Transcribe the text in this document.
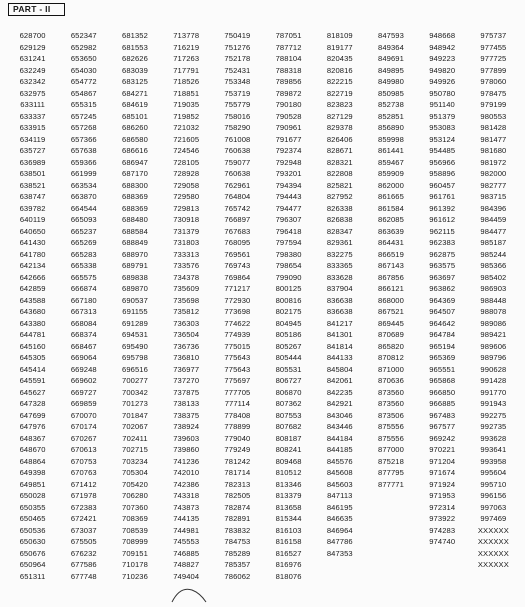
PART - II
628700
629129
631241
632249
632342
632975
633111
633337
633915
634119
635727
636989
638501
638521
638747
639782
640119
640650
641430
641780
642134
642666
642859
643588
643680
643380
644781
645160
645305
645414
645591
645627
647328
647699
647976
648367
648670
648864
649398
649851
650028
650355
650465
650536
650630
650676
650964
651311
652347
652982
653650
654030
654772
654867
655315
657245
657268
657366
657638
659366
661999
663534
663870
664544
665093
665237
665269
665283
665338
665575
666874
667180
667313
668084
668374
668467
669064
669248
669602
669727
669859
670070
670174
670267
670613
670753
670763
671412
671978
672383
672421
673037
675505
676232
677586
677748
681352
681553
682626
683039
683125
684271
684619
685101
686260
686580
686616
686947
687170
688300
688369
688369
688480
688584
688849
688970
689791
689838
689870
690537
691155
691289
694531
695490
695798
696516
700277
700342
701273
701847
702067
702411
702715
703234
705304
705420
706280
707360
708369
708539
708999
709151
710178
710236
713778
716219
717263
717791
718526
718851
719035
719852
721032
721605
724546
728105
728928
729058
729580
729813
730918
731379
731803
733313
733576
734378
735609
735698
735812
736303
736504
736736
736810
736977
737270
737875
738133
738375
738924
739603
739860
741236
742010
742386
743318
743873
744135
744981
745553
746885
748827
749404
750419
751276
752178
752431
753348
753719
755779
758016
758290
761008
760638
759077
760638
762961
764804
765742
766897
767683
768095
769561
769743
769864
771217
772930
773698
774622
774939
775015
775643
775643
775697
777705
777114
778408
778899
779040
779249
781242
781714
782313
782505
782874
782891
783832
784753
785289
785357
786062
787051
787712
788104
788318
789856
789872
790180
790528
790961
791677
792374
792948
793201
794394
794443
794477
796307
796418
797594
798380
798654
799090
800125
800816
802175
804945
805186
805267
805444
805531
806727
806870
807362
807553
807682
808187
808241
809468
810512
813346
813379
813658
815344
816103
816158
816527
816976
818076
818109
819177
820435
820816
822215
822719
823823
827129
829378
826406
828671
828321
822808
825821
827952
826338
826838
828347
829361
832275
833365
833628
837904
836638
836638
841217
841301
841814
844133
845804
842061
842235
842921
843046
843446
844184
844185
845576
845608
845603
847113
846195
846635
846964
847786
847353
847593
849364
849691
849895
849980
850985
852738
852851
856890
859998
861441
859467
859909
862000
861665
861584
862085
863639
864431
866519
867143
867856
866121
868000
867521
869445
870689
865820
870812
871000
870636
873560
873560
873506
875556
875556
877000
875218
877795
877771
948668
948942
949223
949820
949926
950780
951140
951379
953083
953124
954485
956966
958896
960457
961761
961392
961612
962115
962383
962875
963575
963697
963862
964369
964507
964642
964784
965194
965369
965551
965868
966850
966885
967483
967577
969242
970221
971204
971674
971924
971953
972314
973922
974283
974740
975737
977455
977725
977899
978060
978475
979199
980553
981428
981477
981680
981972
982000
982777
983715
984396
984459
984477
985187
985244
985366
985402
986903
988448
988078
989086
989421
989606
989796
990628
991428
991770
991943
992275
992735
993628
993641
993958
995604
995710
996156
997063
997469
XXXXXX
XXXXXX
XXXXXX
XXXXXX
